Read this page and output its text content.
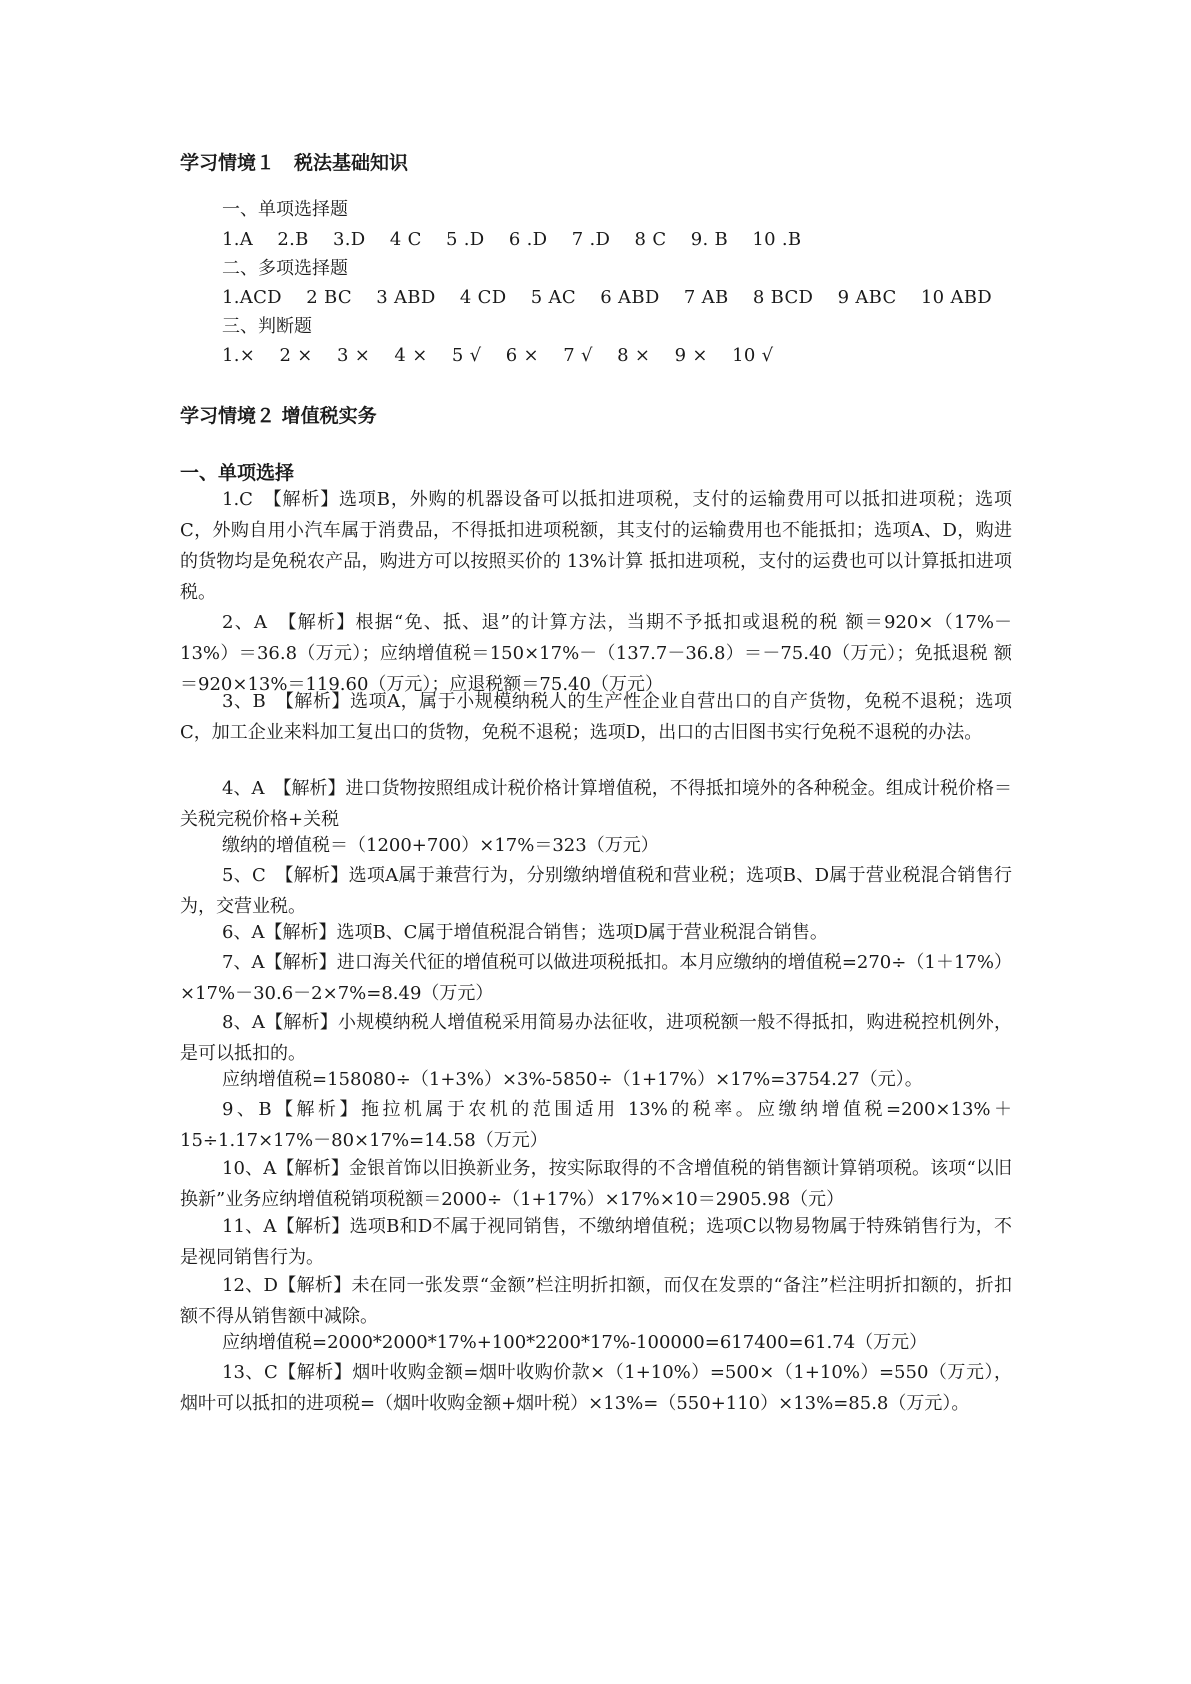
学习情境１　税法基础知识
一、单项选择题
1.A　 2.B　 3.D　 4 C　 5 .D　 6 .D　 7 .D　 8 C　 9. B　 10 .B
二、多项选择题
1.ACD　 2 BC　 3 ABD　 4 CD　 5 AC　 6 ABD　 7 AB　 8 BCD　 9 ABC　 10 ABD
三、判断题
1.×　 2 ×　 3 ×　 4 ×　 5 √　 6 ×　 7 √　 8 ×　 9 ×　 10 √
学习情境２ 增值税实务
一、单项选择
1.C　【解析】选项B，外购的机器设备可以抵扣进项税，支付的运输费用可以抵扣进项税；选项 C，外购自用小汽车属于消费品，不得抵扣进项税额，其支付的运输费用也不能抵扣；选项A、D，购进的货物均是免税农产品，购进方可以按照买价的 13%计算 抵扣进项税，支付的运费也可以计算抵扣进项税。
2、A　【解析】根据“免、抵、退”的计算方法，当期不予抵扣或退税的税 额＝920×（17%－13%）＝36.8（万元）；应纳增值税＝150×17%－（137.7－36.8）＝－75.40（万元）；免抵退税 额＝920×13%＝119.60（万元）；应退税额＝75.40（万元）
3、B　【解析】选项A，属于小规模纳税人的生产性企业自营出口的自产货物，免税不退税；选项C，加工企业来料加工复出口的货物，免税不退税；选项D，出口的古旧图书实行免税不退税的办法。
4、A　【解析】进口货物按照组成计税价格计算增值税，不得抵扣境外的各种税金。组成计税价格＝关税完税价格+关税
缴纳的增值税＝（1200+700）×17%＝323（万元）
5、C　【解析】选项A属于兼营行为，分别缴纳增值税和营业税；选项B、D属于营业税混合销售行为，交营业税。
6、A【解析】选项B、C属于增值税混合销售；选项D属于营业税混合销售。
7、A【解析】进口海关代征的增值税可以做进项税抵扣。本月应缴纳的增值税=270÷（1＋17%）×17%－30.6－2×7%=8.49（万元）
8、A【解析】小规模纳税人增值税采用简易办法征收，进项税额一般不得抵扣，购进税控机例外，是可以抵扣的。
应纳增值税=158080÷（1+3%）×3%-5850÷（1+17%）×17%=3754.27（元）。
9、B【解析】拖拉机属于农机的范围适用 13%的税率。应缴纳增值税=200×13%＋15÷1.17×17%－80×17%=14.58（万元）
10、A【解析】金银首饰以旧换新业务，按实际取得的不含增值税的销售额计算销项税。该项“以旧换新”业务应纳增值税销项税额＝2000÷（1+17%）×17%×10＝2905.98（元）
11、A【解析】选项B和D不属于视同销售，不缴纳增值税；选项C以物易物属于特殊销售行为，不是视同销售行为。
12、D【解析】未在同一张发票“金额”栏注明折扣额，而仅在发票的“备注”栏注明折扣额的，折扣额不得从销售额中减除。
应纳增值税=2000*2000*17%+100*2200*17%-100000=617400=61.74（万元）
13、C【解析】烟叶收购金额=烟叶收购价款×（1+10%）=500×（1+10%）=550（万元），烟叶可以抵扣的进项税=（烟叶收购金额+烟叶税）×13%=（550+110）×13%=85.8（万元）。
